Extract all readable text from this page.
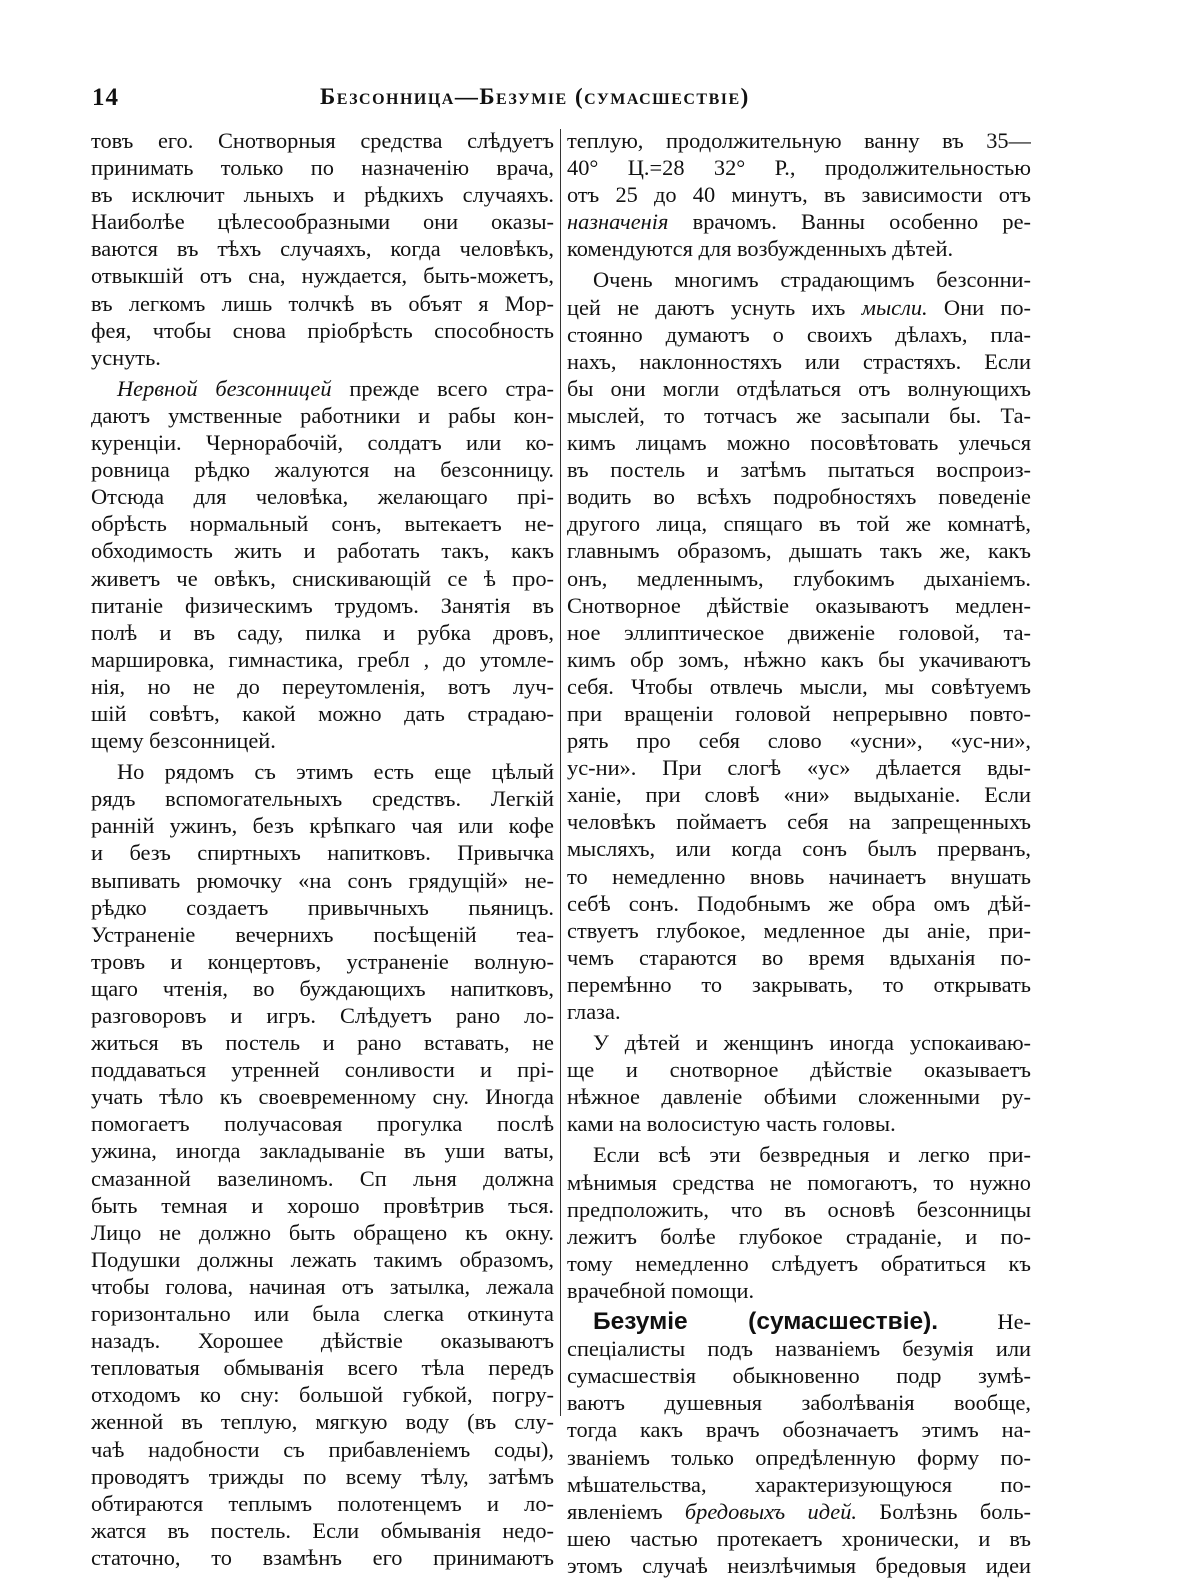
14	Безсонница—Безуміе (сумасшествіе)

товъ его. Снотворныя средства слѣдуетъ
принимать только по назначенію врача,
въ исключит льныхъ и рѣдкихъ случаяхъ.
Наиболѣе цѣлесообразными они оказы-
ваются въ тѣхъ случаяхъ, когда человѣкъ,
отвыкшій отъ сна, нуждается, быть-можетъ,
въ легкомъ лишь толчкѣ въ объят я Мор-
фея, чтобы снова пріобрѣсть способность
уснуть.

Нервной безсонницей прежде всего стра-
даютъ умственные работники и рабы кон-
куренціи. Чернорабочій, солдатъ или ко-
ровница рѣдко жалуются на безсонницу.
Отсюда для человѣка, желающаго прі-
обрѣсть нормальный сонъ, вытекаетъ не-
обходимость жить и работать такъ, какъ
живетъ че овѣкъ, снискивающій се ѣ про-
питаніе физическимъ трудомъ. Занятія въ
полѣ и въ саду, пилка и рубка дровъ,
маршировка, гимнастика, гребл , до утомле-
нія, но не до переутомленія, вотъ луч-
шій совѣтъ, какой можно дать страдаю-
щему безсонницей.

Но рядомъ съ этимъ есть еще цѣлый
рядъ вспомогательныхъ средствъ. Легкій
ранній ужинъ, безъ крѣпкаго чая или кофе
и безъ спиртныхъ напитковъ. Привычка
выпивать рюмочку «на сонъ грядущій» не-
рѣдко создаетъ привычныхъ пьяницъ.
Устраненіе вечернихъ посѣщеній теа-
тровъ и концертовъ, устраненіе волную-
щаго чтенія, во буждающихъ напитковъ,
разговоровъ и игръ. Слѣдуетъ рано ло-
житься въ постель и рано вставать, не
поддаваться утренней сонливости и прі-
учать тѣло къ своевременному сну. Иногда
помогаетъ получасовая прогулка послѣ
ужина, иногда закладываніе въ уши ваты,
смазанной вазелиномъ. Сп льня должна
быть темная и хорошо провѣтрив ться.
Лицо не должно быть обращено къ окну.
Подушки должны лежать такимъ образомъ,
чтобы голова, начиная отъ затылка, лежала
горизонтально или была слегка откинута
назадъ. Хорошее дѣйствіе оказываютъ
тепловатыя обмыванія всего тѣла передъ
отходомъ ко сну: большой губкой, погру-
женной въ теплую, мягкую воду (въ слу-
чаѣ надобности съ прибавленіемъ соды),
проводятъ трижды по всему тѣлу, затѣмъ
обтираются теплымъ полотенцемъ и ло-
жатся въ постель. Если обмыванія недо-
статочно, то взамѣнъ его принимаютъ

теплую, продолжительную ванну въ 35—
40° Ц.=28 32° Р., продолжительностью
отъ 25 до 40 минутъ, въ зависимости отъ
назначенія врачомъ. Ванны особенно ре-
комендуются для возбужденныхъ дѣтей.

Очень многимъ страдающимъ безсонни-
цей не даютъ уснуть ихъ мысли. Они по-
стоянно думаютъ о своихъ дѣлахъ, пла-
нахъ, наклонностяхъ или страстяхъ. Если
бы они могли отдѣлаться отъ волнующихъ
мыслей, то тотчасъ же засыпали бы. Та-
кимъ лицамъ можно посовѣтовать улечься
въ постель и затѣмъ пытаться воспроиз-
водить во всѣхъ подробностяхъ поведеніе
другого лица, спящаго въ той же комнатѣ,
главнымъ образомъ, дышать такъ же, какъ
онъ, медленнымъ, глубокимъ дыханіемъ.
Снотворное дѣйствіе оказываютъ медлен-
ное эллиптическое движеніе головой, та-
кимъ обр зомъ, нѣжно какъ бы укачиваютъ
себя. Чтобы отвлечь мысли, мы совѣтуемъ
при вращеніи головой непрерывно повто-
рять про себя слово «усни», «ус-ни»,
ус-ни». При слогѣ «ус» дѣлается вды-
ханіе, при словѣ «ни» выдыханіе. Если
человѣкъ поймаетъ себя на запрещенныхъ
мысляхъ, или когда сонъ былъ прерванъ,
то немедленно вновь начинаетъ внушать
себѣ сонъ. Подобнымъ же обра омъ дѣй-
ствуетъ глубокое, медленное ды аніе, при-
чемъ стараются во время вдыханія по-
перемѣнно то закрывать, то открывать
глаза.

У дѣтей и женщинъ иногда успокаиваю-
ще и снотворное дѣйствіе оказываетъ
нѣжное давленіе обѣими сложенными ру-
ками на волосистую часть головы.

Если всѣ эти безвредныя и легко при-
мѣнимыя средства не помогаютъ, то нужно
предположить, что въ основѣ безсонницы
лежитъ болѣе глубокое страданіе, и по-
тому немедленно слѣдуетъ обратиться къ
врачебной помощи.

Безуміе (сумасшествіе). Не-
спеціалисты подъ названіемъ безумія или
сумасшествія обыкновенно подр зумѣ-
ваютъ душевныя заболѣванія вообще,
тогда какъ врачъ обозначаетъ этимъ на-
званіемъ только опредѣленную форму по-
мѣшательства, характеризующуюся по-
явленіемъ бредовыхъ идей. Болѣзнь боль-
шею частью протекаетъ хронически, и въ
этомъ случаѣ неизлѣчимыя бредовыя идеи
